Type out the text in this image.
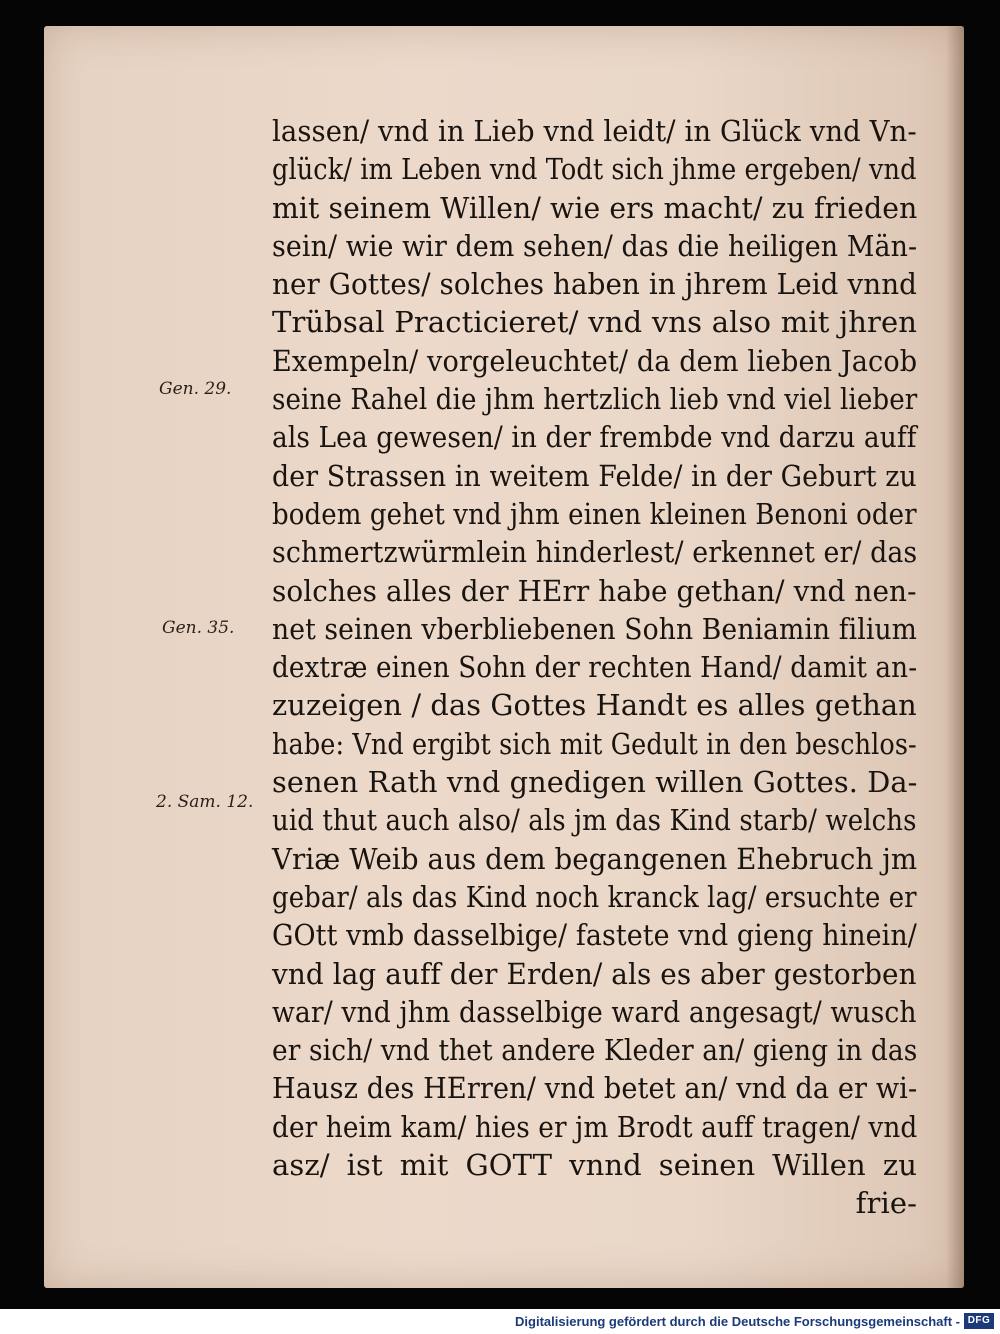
lassen/ vnd in Lieb vnd leidt/ in Glück vnd Vn-
glück/ im Leben vnd Todt sich jhme ergeben/ vnd
mit seinem Willen/ wie ers macht/ zu frieden
sein/ wie wir dem sehen/ das die heiligen Män-
ner Gottes/ solches haben in jhrem Leid vnnd
Trübsal Practicieret/ vnd vns also mit jhren
Exempeln/ vorgeleuchtet/ da dem lieben Jacob
seine Rahel die jhm hertzlich lieb vnd viel lieber
als Lea gewesen/ in der frembde vnd darzu auff
der Strassen in weitem Felde/ in der Geburt zu
bodem gehet vnd jhm einen kleinen Benoni oder
schmertzwürmlein hinderlest/ erkennet er/ das
solches alles der HErr habe gethan/ vnd nen-
net seinen vberbliebenen Sohn Beniamin filium
dextræ einen Sohn der rechten Hand/ damit an-
zuzeigen / das Gottes Handt es alles gethan
habe: Vnd ergibt sich mit Gedult in den beschlos-
senen Rath vnd gnedigen willen Gottes. Da-
uid thut auch also/ als jm das Kind starb/ welchs
Vriæ Weib aus dem begangenen Ehebruch jm
gebar/ als das Kind noch kranck lag/ ersuchte er
GOtt vmb dasselbige/ fastete vnd gieng hinein/
vnd lag auff der Erden/ als es aber gestorben
war/ vnd jhm dasselbige ward angesagt/ wusch
er sich/ vnd thet andere Kleder an/ gieng in das
Hausz des HErren/ vnd betet an/ vnd da er wi-
der heim kam/ hies er jm Brodt auff tragen/ vnd
asz/ ist mit GOTT vnnd seinen Willen zu
frie-
Gen. 29.
Gen. 35.
2. Sam. 12.
Digitalisierung gefördert durch die Deutsche Forschungsgemeinschaft - DFG
